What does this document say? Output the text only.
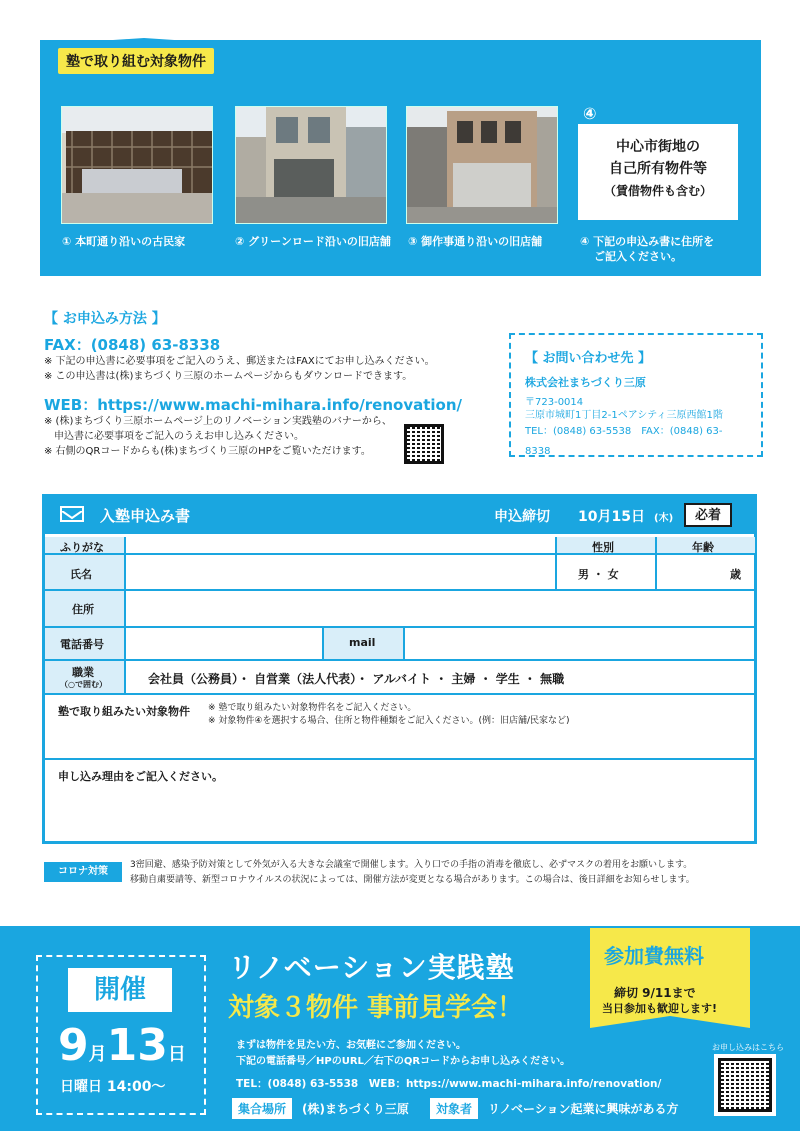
塾で取り組む対象物件
① 本町通り沿いの古民家	② グリーンロード沿いの旧店舗 ③ 御作事通り沿いの旧店舗
④
中心市街地の
自己所有物件等
（賃借物件も含む）
④ 下記の申込み書に住所を
ご記入ください。
【 お申込み方法 】
FAX：(0848) 63-8338
※ 下記の申込書に必要事項をご記入のうえ、郵送またはFAXにてお申し込みください。
※ この申込書は(株)まちづくり三原のホームページからもダウンロードできます。
WEB：https://www.machi-mihara.info/renovation/
※ (株)まちづくり三原ホームページ上のリノベーション実践塾のバナーから、
　申込書に必要事項をご記入のうえお申し込みください。
※ 右側のQRコードからも(株)まちづくり三原のHPをご覧いただけます。
【 お問い合わせ先 】
株式会社まちづくり三原
〒723-0014
三原市城町1丁目2-1ペアシティ三原西館1階
TEL：(0848) 63-5538　FAX：(0848) 63-8338
入塾申込み書	申込締切 10月15日 (木)	必着
ふりがな	性別	年齢
氏名	男 ・ 女	歳
住所
電話番号	mail
職業
（○で囲む）	会社員（公務員）・ 自営業（法人代表）・ アルバイト ・ 主婦 ・ 学生 ・ 無職
塾で取り組みたい対象物件 ※ 塾で取り組みたい対象物件名をご記入ください。
※ 対象物件④を選択する場合、住所と物件種類をご記入ください。(例：旧店舗/民家など)
申し込み理由をご記入ください。
コロナ対策
3密回避、感染予防対策として外気が入る大きな会議室で開催します。入り口での手指の消毒を徹底し、必ずマスクの着用をお願いします。
移動自粛要請等、新型コロナウイルスの状況によっては、開催方法が変更となる場合があります。この場合は、後日詳細をお知らせします。
開催
9月13日
日曜日 14:00〜
リノベーション実践塾
対象３物件 事前見学会！
まずは物件を見たい方、お気軽にご参加ください。
下記の電話番号／HPのURL／右下のQRコードからお申し込みください。
TEL：(0848) 63-5538　WEB：https://www.machi-mihara.info/renovation/
集合場所	(株)まちづくり三原	対象者	リノベーション起業に興味がある方
参加費無料
締切 9/11まで
当日参加も歓迎します!
お申し込みはこちら
